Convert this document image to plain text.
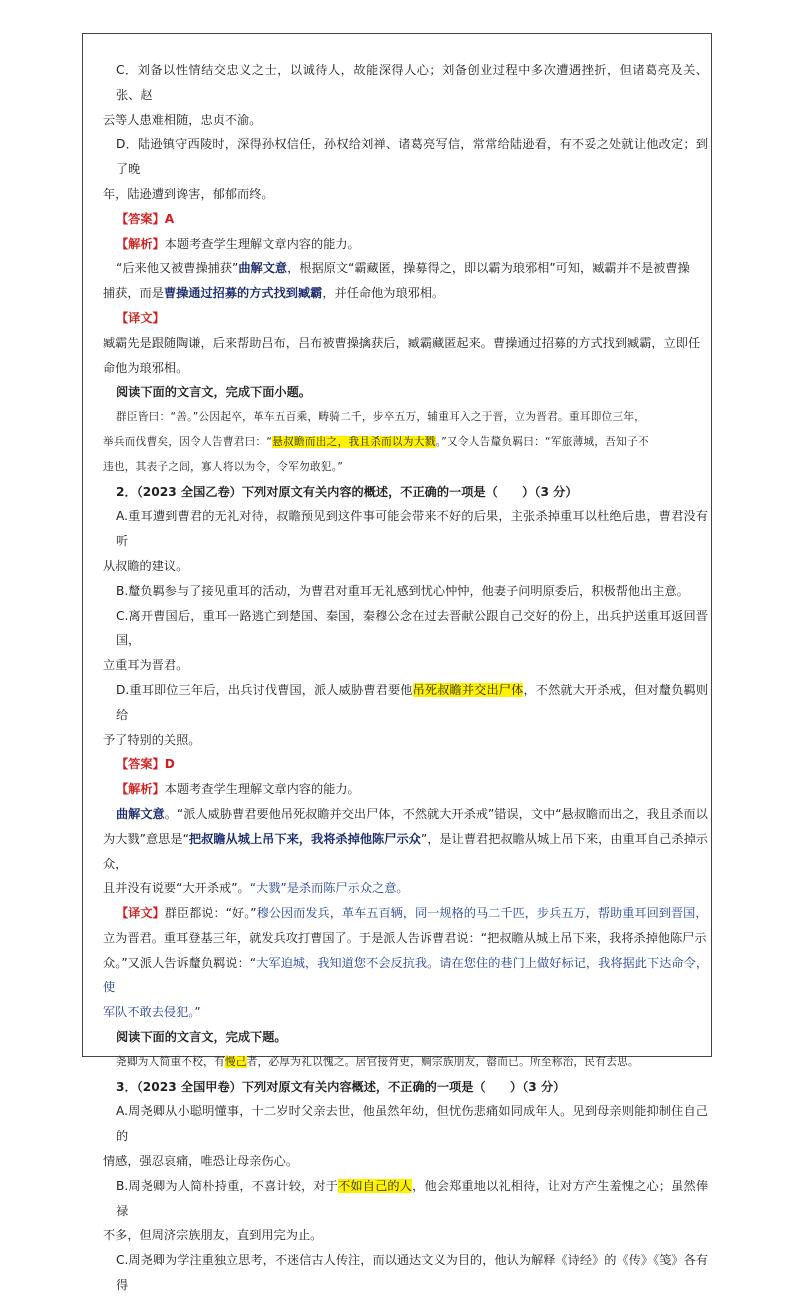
C．刘备以性情结交忠义之士，以诚待人，故能深得人心；刘备创业过程中多次遭遇挫折，但诸葛亮及关、张、赵

云等人患难相随，忠贞不渝。

D．陆逊镇守西陵时，深得孙权信任，孙权给刘禅、诸葛亮写信，常常给陆逊看，有不妥之处就让他改定；到了晚

年，陆逊遭到谗害，郁郁而终。

【答案】A

【解析】本题考查学生理解文章内容的能力。

“后来他又被曹操捕获”曲解文意，根据原文“霸藏匿，操募得之，即以霸为琅邪相”可知，臧霸并不是被曹操

捕获，而是曹操通过招募的方式找到臧霸，并任命他为琅邪相。

【译文】

臧霸先是跟随陶谦，后来帮助吕布，吕布被曹操擒获后，臧霸藏匿起来。曹操通过招募的方式找到臧霸，立即任

命他为琅邪相。

阅读下面的文言文，完成下面小题。

群臣皆曰：“善。”公因起卒，革车五百乘，畴骑二千，步卒五万，辅重耳入之于晋，立为晋君。重耳即位三年，

举兵而伐曹矣，因令人告曹君曰：“悬叔瞻而出之，我且杀而以为大戮。”又令人告釐负羁曰：“军旅薄城，吾知子不

违也，其表子之闾，寡人将以为令，令军勿敢犯。”

2．（2023 全国乙卷）下列对原文有关内容的概述，不正确的一项是（　　）（3 分）

A.重耳遭到曹君的无礼对待，叔瞻预见到这件事可能会带来不好的后果，主张杀掉重耳以杜绝后患，曹君没有听

从叔瞻的建议。

B.釐负羁参与了接见重耳的活动，为曹君对重耳无礼感到忧心忡忡，他妻子问明原委后，积极帮他出主意。

C.离开曹国后，重耳一路逃亡到楚国、秦国，秦穆公念在过去晋献公跟自己交好的份上，出兵护送重耳返回晋国，

立重耳为晋君。

D.重耳即位三年后，出兵讨伐曹国，派人威胁曹君要他吊死叔瞻并交出尸体，不然就大开杀戒，但对釐负羁则给

予了特别的关照。

【答案】D

【解析】本题考查学生理解文章内容的能力。

曲解文意。“派人威胁曹君要他吊死叔瞻并交出尸体，不然就大开杀戒”错误，文中“悬叔瞻而出之，我且杀而以

为大戮”意思是“把叔瞻从城上吊下来，我将杀掉他陈尸示众”，是让曹君把叔瞻从城上吊下来，由重耳自己杀掉示众，

且并没有说要“大开杀戒”。“大戮”是杀而陈尸示众之意。

【译文】群臣都说：“好。”穆公因而发兵，革车五百辆，同一规格的马二千匹，步兵五万，帮助重耳回到晋国，

立为晋君。重耳登基三年，就发兵攻打曹国了。于是派人告诉曹君说：“把叔瞻从城上吊下来，我将杀掉他陈尸示

众。”又派人告诉釐负羁说：“大军迫城，我知道您不会反抗我。请在您住的巷门上做好标记，我将据此下达命令，使

军队不敢去侵犯。”

阅读下面的文言文，完成下题。

尧卿为人简重不校，有慢己者，必厚为礼以愧之。居官接胥吏，赒宗族朋友，罄而已。所至称治，民有去思。

3．（2023 全国甲卷）下列对原文有关内容概述，不正确的一项是（　　）（3 分）

A.周尧卿从小聪明懂事，十二岁时父亲去世，他虽然年幼，但忧伤悲痛如同成年人。见到母亲则能抑制住自己的

情感，强忍哀痛，唯恐让母亲伤心。

B.周尧卿为人简朴持重，不喜计较，对于不如自己的人，他会郑重地以礼相待，让对方产生羞愧之心；虽然俸禄

不多，但周济宗族朋友，直到用完为止。

C.周尧卿为学注重独立思考，不迷信古人传注，而以通达文义为目的，他认为解释《诗经》的《传》《笺》各有得
